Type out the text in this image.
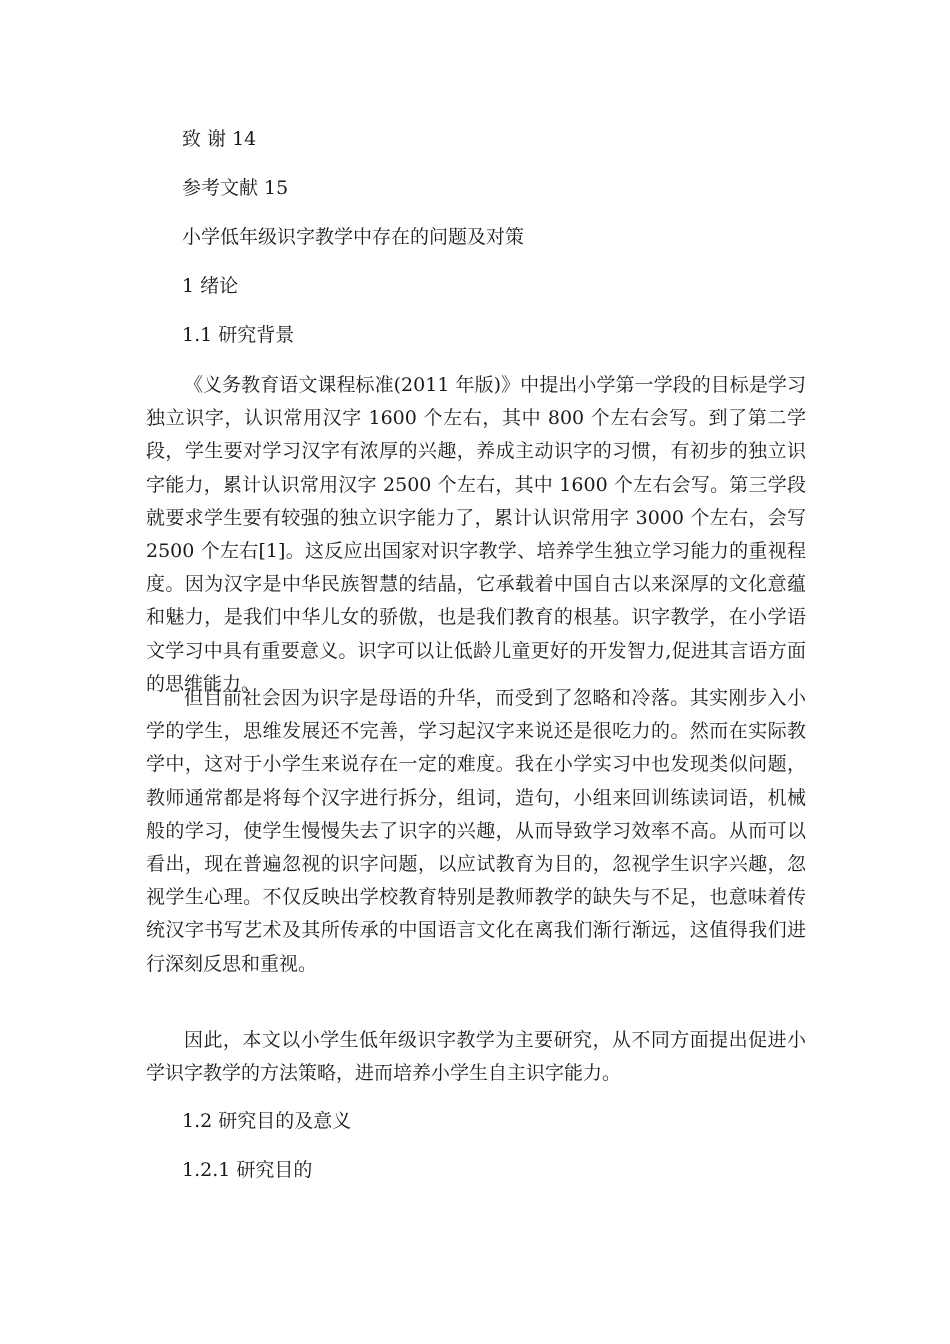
致 谢 14
参考文献 15
小学低年级识字教学中存在的问题及对策
1 绪论
1.1 研究背景
《义务教育语文课程标准(2011 年版)》中提出小学第一学段的目标是学习独立识字，认识常用汉字 1600 个左右，其中 800 个左右会写。到了第二学段，学生要对学习汉字有浓厚的兴趣，养成主动识字的习惯，有初步的独立识字能力，累计认识常用汉字 2500 个左右，其中 1600 个左右会写。第三学段就要求学生要有较强的独立识字能力了，累计认识常用字 3000 个左右，会写 2500 个左右[1]。这反应出国家对识字教学、培养学生独立学习能力的重视程度。因为汉字是中华民族智慧的结晶，它承载着中国自古以来深厚的文化意蕴和魅力，是我们中华儿女的骄傲，也是我们教育的根基。识字教学，在小学语文学习中具有重要意义。识字可以让低龄儿童更好的开发智力,促进其言语方面的思维能力。
但目前社会因为识字是母语的升华，而受到了忽略和冷落。其实刚步入小学的学生，思维发展还不完善，学习起汉字来说还是很吃力的。然而在实际教学中，这对于小学生来说存在一定的难度。我在小学实习中也发现类似问题，教师通常都是将每个汉字进行拆分，组词，造句，小组来回训练读词语，机械般的学习，使学生慢慢失去了识字的兴趣，从而导致学习效率不高。从而可以看出，现在普遍忽视的识字问题，以应试教育为目的，忽视学生识字兴趣，忽视学生心理。不仅反映出学校教育特别是教师教学的缺失与不足，也意味着传统汉字书写艺术及其所传承的中国语言文化在离我们渐行渐远，这值得我们进行深刻反思和重视。
因此，本文以小学生低年级识字教学为主要研究，从不同方面提出促进小学识字教学的方法策略，进而培养小学生自主识字能力。
1.2 研究目的及意义
1.2.1 研究目的
